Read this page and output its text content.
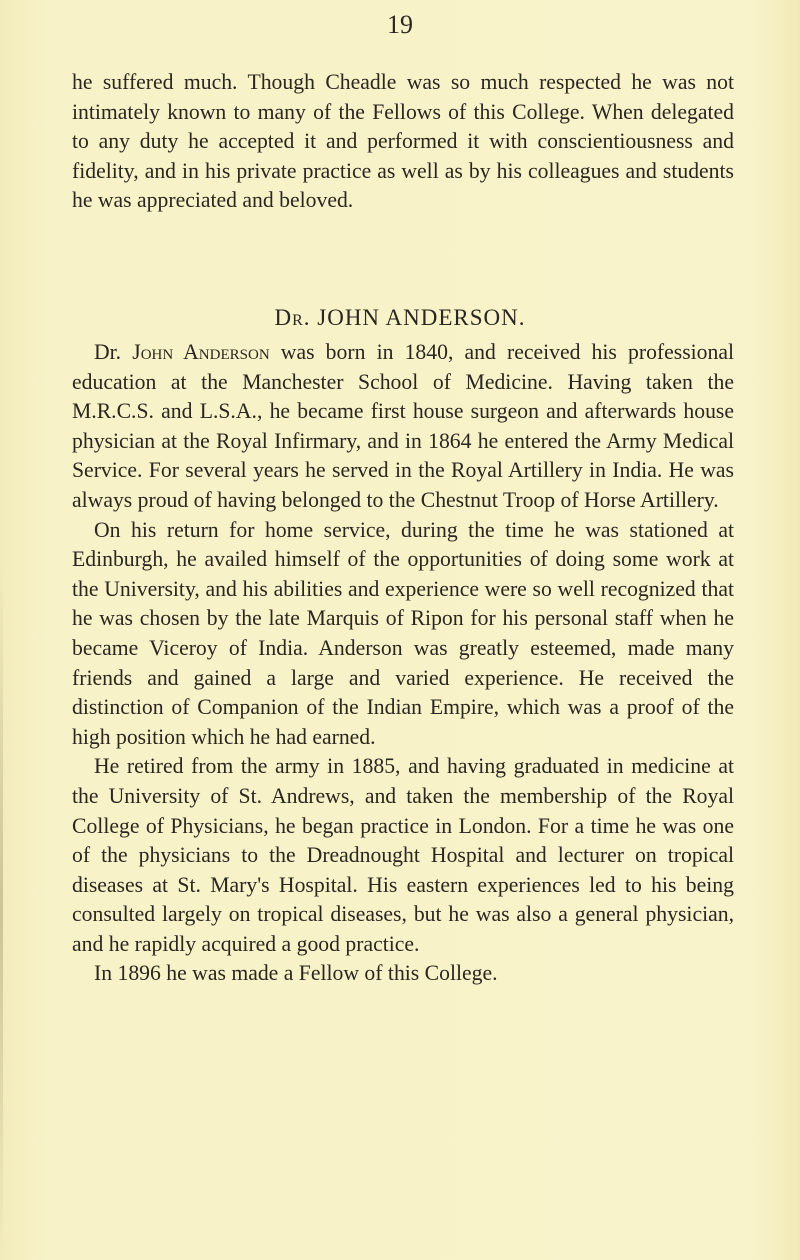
19

he suffered much. Though Cheadle was so much respected he was not intimately known to many of the Fellows of this College. When delegated to any duty he accepted it and performed it with conscientiousness and fidelity, and in his private practice as well as by his colleagues and students he was appreciated and beloved.

Dr. JOHN ANDERSON.

Dr. John Anderson was born in 1840, and received his professional education at the Manchester School of Medicine. Having taken the M.R.C.S. and L.S.A., he became first house surgeon and afterwards house physician at the Royal Infirmary, and in 1864 he entered the Army Medical Service. For several years he served in the Royal Artillery in India. He was always proud of having belonged to the Chestnut Troop of Horse Artillery.

On his return for home service, during the time he was stationed at Edinburgh, he availed himself of the opportunities of doing some work at the University, and his abilities and experience were so well recognized that he was chosen by the late Marquis of Ripon for his personal staff when he became Viceroy of India. Anderson was greatly esteemed, made many friends and gained a large and varied experience. He received the distinction of Companion of the Indian Empire, which was a proof of the high position which he had earned.

He retired from the army in 1885, and having graduated in medicine at the University of St. Andrews, and taken the membership of the Royal College of Physicians, he began practice in London. For a time he was one of the physicians to the Dreadnought Hospital and lecturer on tropical diseases at St. Mary's Hospital. His eastern experiences led to his being consulted largely on tropical diseases, but he was also a general physician, and he rapidly acquired a good practice.

In 1896 he was made a Fellow of this College.
